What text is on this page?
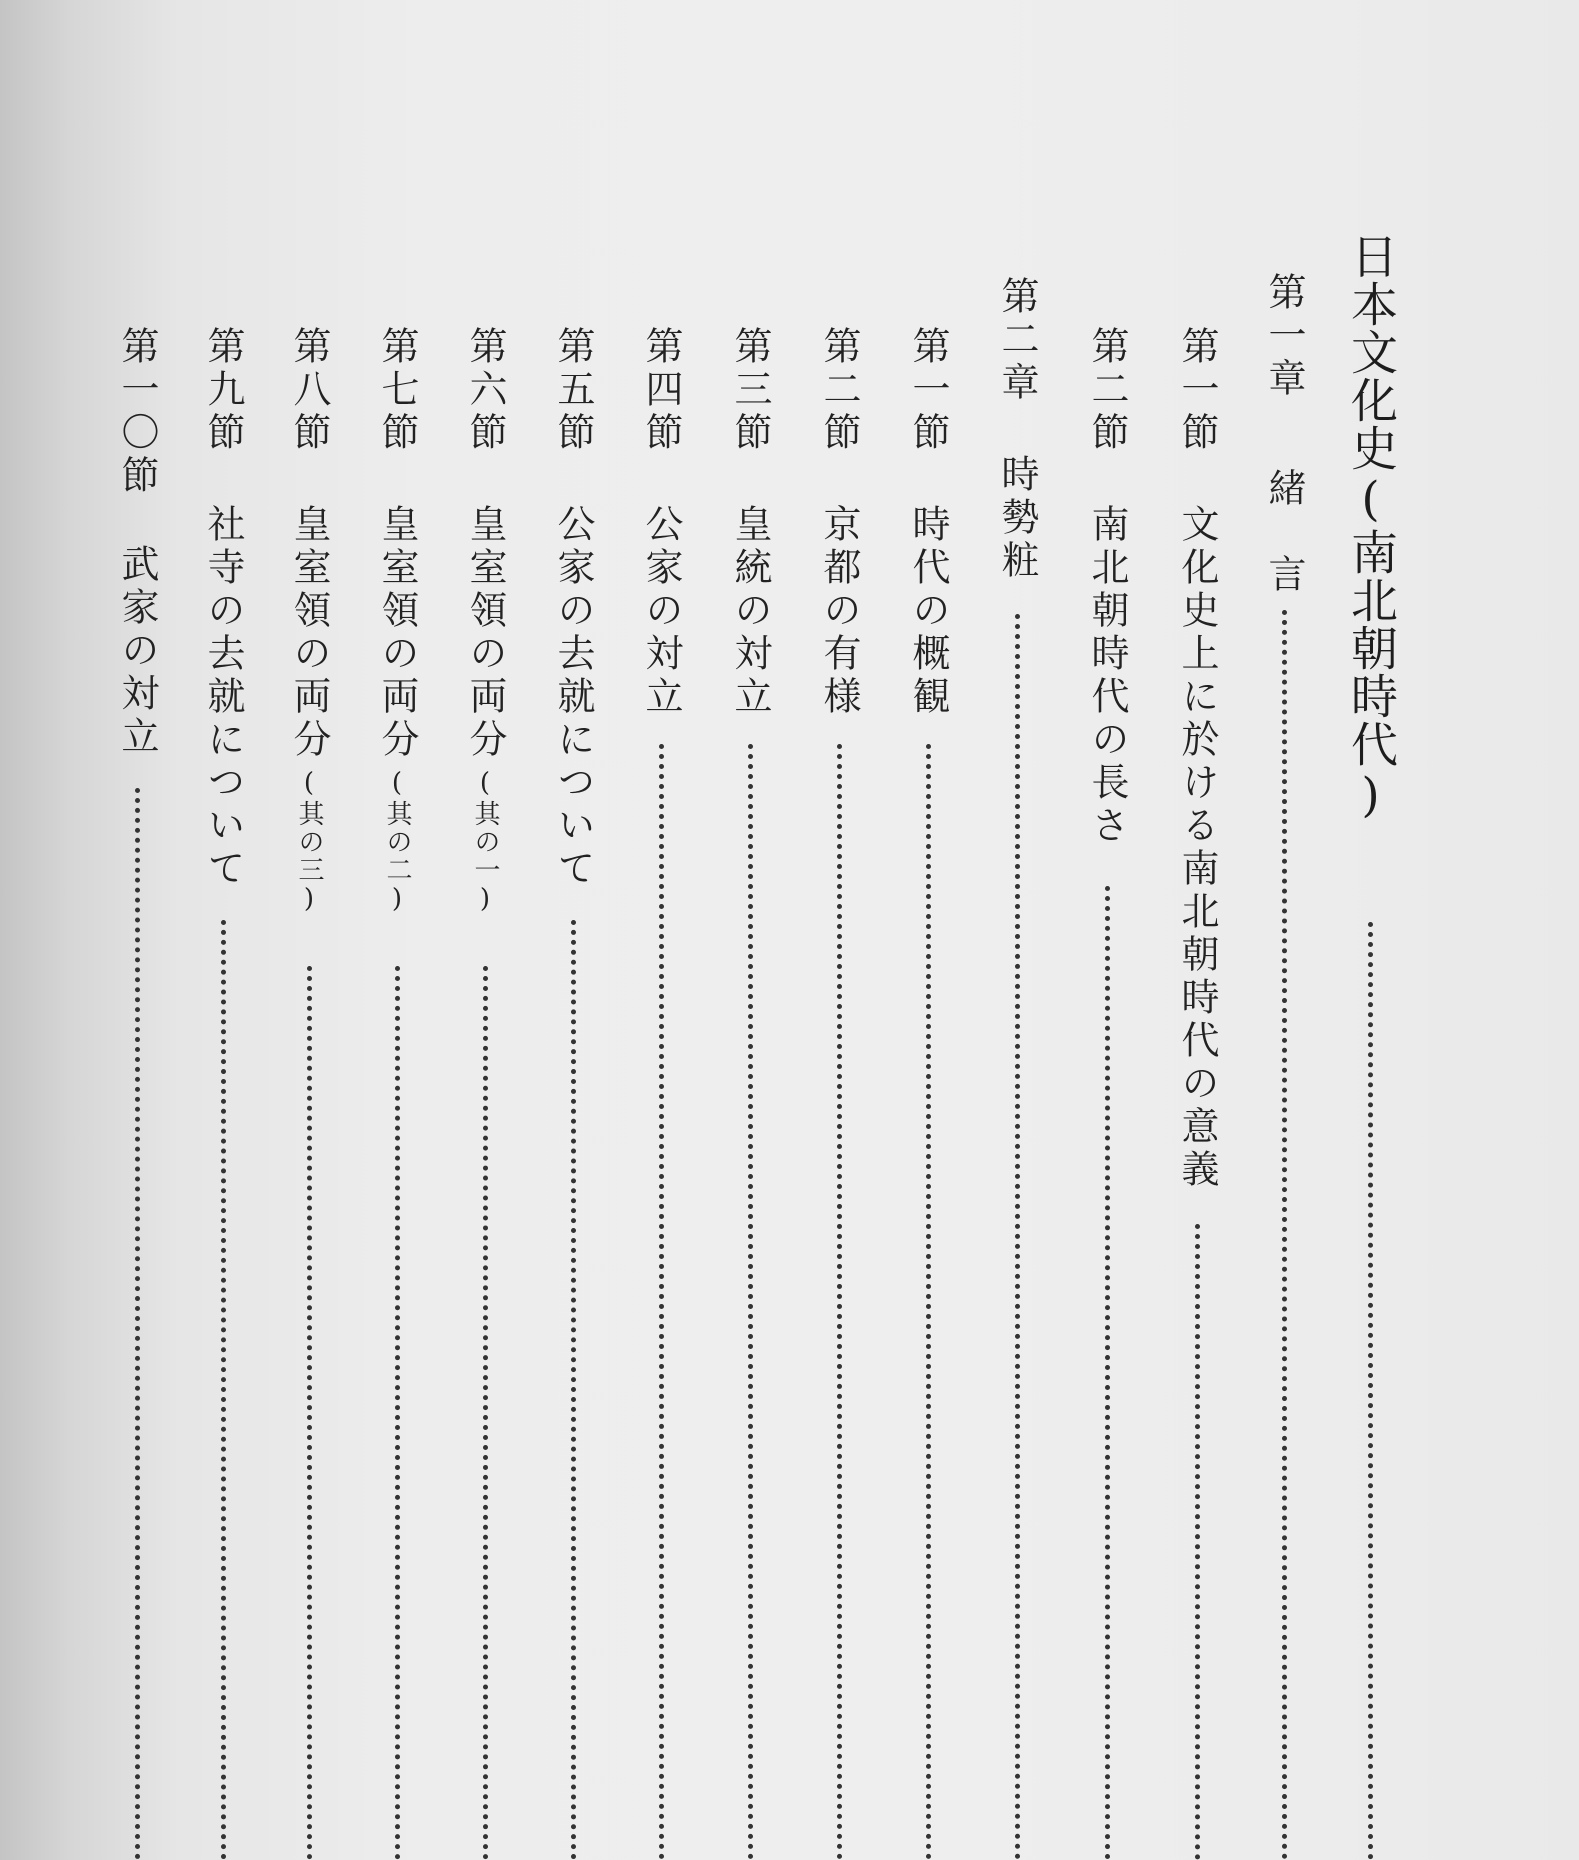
日本文化史(南北朝時代)
第一章
緒　言
第一節
文化史上に於ける南北朝時代の意義
第二節
南北朝時代の長さ
第二章
時勢粧
第一節
時代の概観
第二節
京都の有様
第三節
皇統の対立
第四節
公家の対立
第五節
公家の去就について
第六節
皇室領の両分(其の一)
第七節
皇室領の両分(其の二)
第八節
皇室領の両分(其の三)
第九節
社寺の去就について
第一〇節
武家の対立
